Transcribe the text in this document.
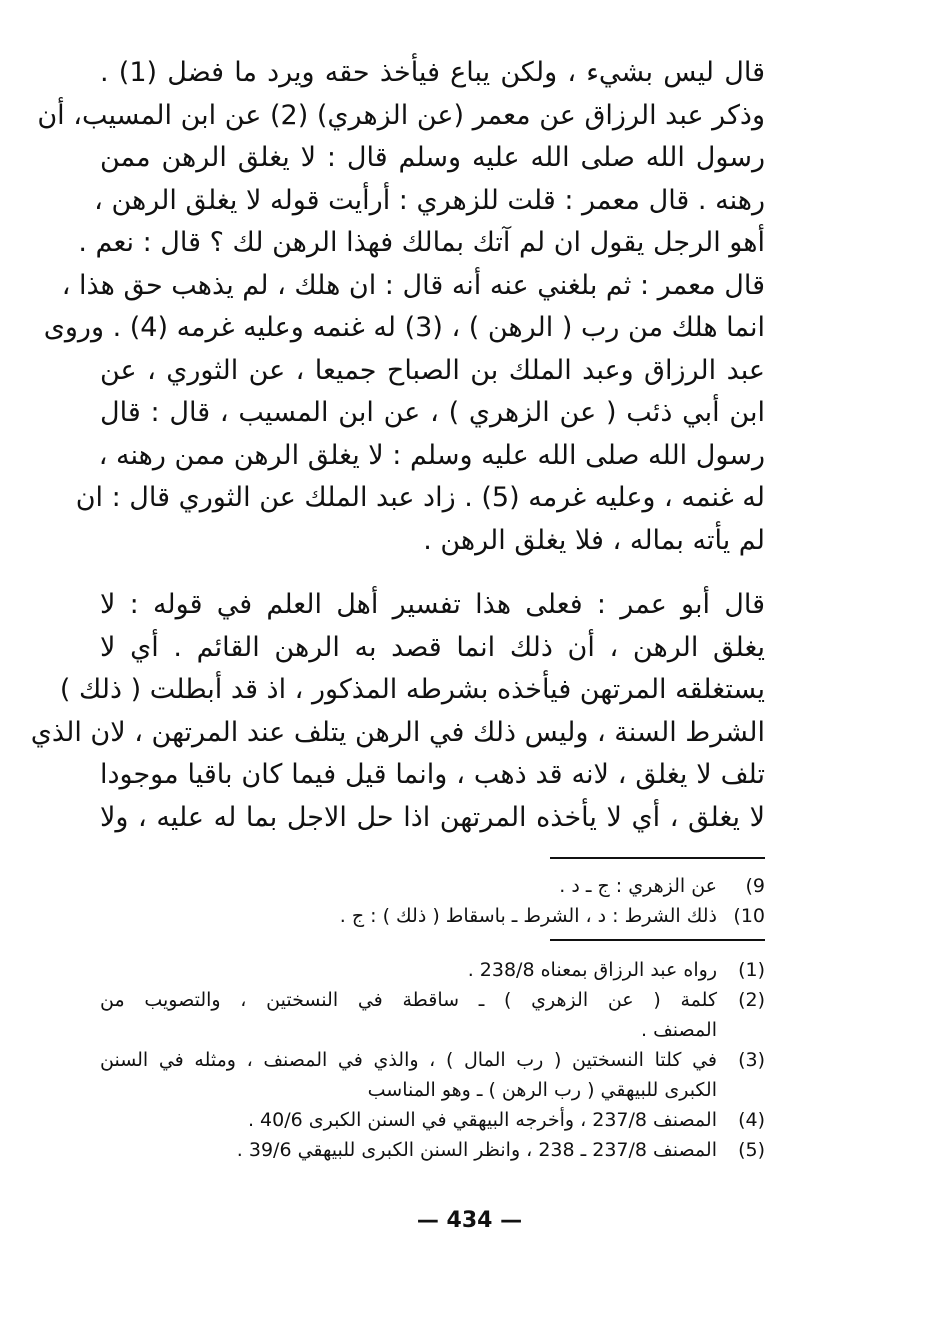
قال ليس بشيء ، ولكن يباع فيأخذ حقه ويرد ما فضل (1) .
وذكر عبد الرزاق عن معمر (عن الزهري) (2) عن ابن المسيب، أن
رسول الله صلى الله عليه وسلم قال : لا يغلق الرهن ممن
رهنه . قال معمر : قلت للزهري : أرأيت قوله لا يغلق الرهن ،
أهو الرجل يقول ان لم آتك بمالك فهذا الرهن لك ؟ قال : نعم .
قال معمر : ثم بلغني عنه أنه قال : ان هلك ، لم يذهب حق هذا ،
انما هلك من رب ( الرهن ) ، (3) له غنمه وعليه غرمه (4) . وروى
عبد الرزاق وعبد الملك بن الصباح جميعا ، عن الثوري ، عن
ابن أبي ذئب ( عن الزهري ) ، عن ابن المسيب ، قال : قال
رسول الله صلى الله عليه وسلم : لا يغلق الرهن ممن رهنه ،
له غنمه ، وعليه غرمه (5) . زاد عبد الملك عن الثوري قال : ان
لم يأته بماله ، فلا يغلق الرهن .
قال أبو عمر : فعلى هذا تفسير أهل العلم في قوله : لا
يغلق الرهن ، أن ذلك انما قصد به الرهن القائم . أي لا
يستغلقه المرتهن فيأخذه بشرطه المذكور ، اذ قد أبطلت ( ذلك )
الشرط السنة ، وليس ذلك في الرهن يتلف عند المرتهن ، لان الذي
تلف لا يغلق ، لانه قد ذهب ، وانما قيل فيما كان باقيا موجودا
لا يغلق ، أي لا يأخذه المرتهن اذا حل الاجل بما له عليه ، ولا
9)
عن الزهري : ج ـ د .
10)
ذلك الشرط : د ، الشرط ـ باسقاط ( ذلك ) : ج .
(1)
رواه عبد الرزاق بمعناه 238/8 .
(2)
كلمة ( عن الزهري ) ـ ساقطة في النسختين ، والتصويب من
المصنف .
(3)
في كلتا النسختين ( رب المال ) ، والذي في المصنف ، ومثله في السنن
الكبرى للبيهقي ( رب الرهن ) ـ وهو المناسب
(4)
المصنف 237/8 ، وأخرجه البيهقي في السنن الكبرى 40/6 .
(5)
المصنف 237/8 ـ 238 ، وانظر السنن الكبرى للبيهقي 39/6 .
— 434 —
